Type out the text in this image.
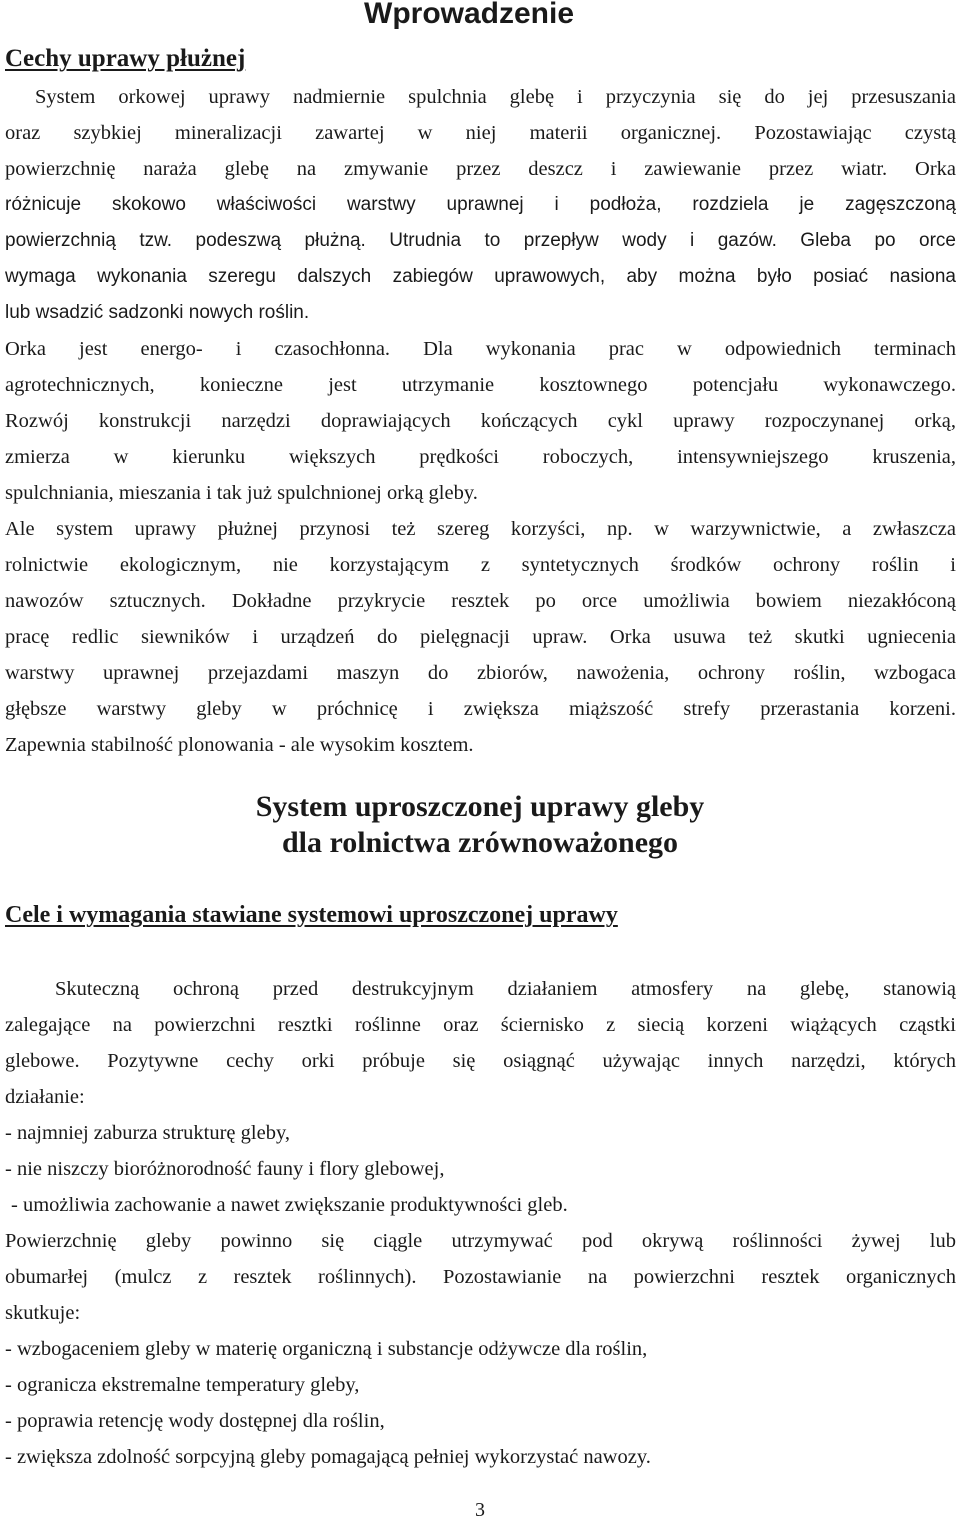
Wprowadzenie
Cechy uprawy płużnej
System orkowej uprawy nadmiernie spulchnia glebę i przyczynia się do jej przesuszania
oraz szybkiej mineralizacji zawartej w niej materii organicznej. Pozostawiając czystą
powierzchnię naraża glebę na zmywanie przez deszcz i zawiewanie przez wiatr. Orka
różnicuje skokowo właściwości warstwy uprawnej i podłoża, rozdziela je zagęszczoną
powierzchnią tzw. podeszwą płużną. Utrudnia to przepływ wody i gazów. Gleba po orce
wymaga wykonania szeregu dalszych zabiegów uprawowych, aby można było posiać nasiona
lub wsadzić sadzonki nowych roślin.
Orka jest energo- i czasochłonna. Dla wykonania prac w odpowiednich terminach
agrotechnicznych, konieczne jest utrzymanie kosztownego potencjału wykonawczego.
Rozwój konstrukcji narzędzi doprawiających kończących cykl uprawy rozpoczynanej orką,
zmierza w kierunku większych prędkości roboczych, intensywniejszego kruszenia,
spulchniania, mieszania i tak już spulchnionej orką gleby.
Ale system uprawy płużnej przynosi też szereg korzyści, np. w warzywnictwie, a zwłaszcza
rolnictwie ekologicznym, nie korzystającym z syntetycznych środków ochrony roślin i
nawozów sztucznych. Dokładne przykrycie resztek po orce umożliwia bowiem niezakłóconą
pracę redlic siewników i urządzeń do pielęgnacji upraw. Orka usuwa też skutki ugniecenia
warstwy uprawnej przejazdami maszyn do zbiorów, nawożenia, ochrony roślin, wzbogaca
głębsze warstwy gleby w próchnicę i zwiększa miąższość strefy przerastania korzeni.
Zapewnia stabilność plonowania - ale wysokim kosztem.
System uproszczonej uprawy gleby
dla rolnictwa zrównoważonego
Cele i wymagania stawiane systemowi uproszczonej uprawy
Skuteczną ochroną przed destrukcyjnym działaniem atmosfery na glebę, stanowią
zalegające na powierzchni resztki roślinne oraz ściernisko z siecią korzeni wiążących cząstki
glebowe. Pozytywne cechy orki próbuje się osiągnąć używając innych narzędzi, których
działanie:
- najmniej zaburza strukturę gleby,
- nie niszczy bioróżnorodność fauny i flory glebowej,
- umożliwia zachowanie a nawet zwiększanie produktywności gleb.
Powierzchnię gleby powinno się ciągle utrzymywać pod okrywą roślinności żywej lub
obumarłej (mulcz z resztek roślinnych). Pozostawianie na powierzchni resztek organicznych
skutkuje:
- wzbogaceniem gleby w materię organiczną i substancje odżywcze dla roślin,
- ogranicza ekstremalne temperatury gleby,
- poprawia retencję wody dostępnej dla roślin,
- zwiększa zdolność sorpcyjną gleby pomagającą pełniej wykorzystać nawozy.
3
